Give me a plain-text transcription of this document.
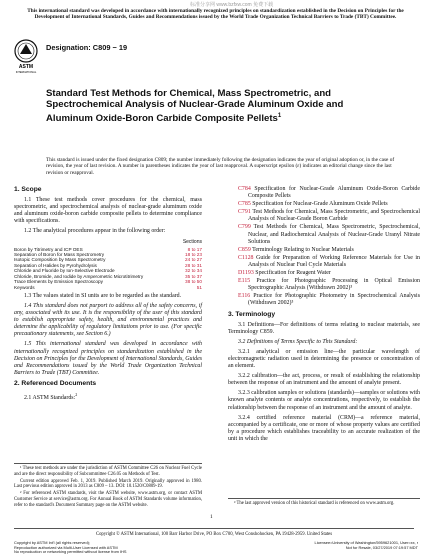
This international standard was developed in accordance with internationally recognized principles on standardization established in the Decision on Principles for the Development of International Standards, Guides and Recommendations issued by the World Trade Organization Technical Barriers to Trade (TBT) Committee.
标准分享网 www.bzfxw.com 免费下载
ASTM
INTERNATIONAL
Designation: C809 − 19
Standard Test Methods for Chemical, Mass Spectrometric, and Spectrochemical Analysis of Nuclear-Grade Aluminum Oxide and Aluminum Oxide-Boron Carbide Composite Pellets$^1$
This standard is issued under the fixed designation C809; the number immediately following the designation indicates the year of original adoption or, in the case of revision, the year of last revision. A number in parentheses indicates the year of last reapproval. A superscript epsilon (ε) indicates an editorial change since the last revision or reapproval.
1. Scope

1.1 These test methods cover procedures for the chemical, mass spectrometric, and spectrochemical analysis of nuclear-grade aluminum oxide and aluminum oxide-boron carbide composite pellets to determine compliance with specifications.

1.2 The analytical procedures appear in the following order:

Sections
Boron by Titrimetry and ICP OES	8 to 17
Separation of Boron for Mass Spectrometry	18 to 23
Isotopic Composition by Mass Spectrometry	24 to 27
Separation of Halides by Pyrohydrolysis	28 to 31
Chloride and Fluoride by Ion-Selective Electrode	32 to 34
Chloride, Bromide, and Iodide by Amperometric Microtitrimetry	35 to 37
Trace Elements by Emission Spectroscopy	38 to 50
Keywords	51

1.3 The values stated in SI units are to be regarded as the standard.

1.4 This standard does not purport to address all of the safety concerns, if any, associated with its use. It is the responsibility of the user of this standard to establish appropriate safety, health, and environmental practices and determine the applicability of regulatory limitations prior to use. (For specific precautionary statements, see Section 6.)

1.5 This international standard was developed in accordance with internationally recognized principles on standardization established in the Decision on Principles for the Development of International Standards, Guides and Recommendations issued by the World Trade Organization Technical Barriers to Trade (TBT) Committee.

2. Referenced Documents

2.1 ASTM Standards:$^2$

C784 Specification for Nuclear-Grade Aluminum Oxide-Boron Carbide Composite Pellets

C785 Specification for Nuclear-Grade Aluminum Oxide Pellets

C791 Test Methods for Chemical, Mass Spectrometric, and Spectrochemical Analysis of Nuclear-Grade Boron Carbide

C799 Test Methods for Chemical, Mass Spectrometric, Spectrochemical, Nuclear, and Radiochemical Analysis of Nuclear-Grade Uranyl Nitrate Solutions

C859 Terminology Relating to Nuclear Materials

C1128 Guide for Preparation of Working Reference Materials for Use in Analysis of Nuclear Fuel Cycle Materials

D1193 Specification for Reagent Water

E115 Practice for Photographic Processing in Optical Emission Spectrographic Analysis (Withdrawn 2002)³

E116 Practice for Photographic Photometry in Spectrochemical Analysis (Withdrawn 2002)³

3. Terminology

3.1 Definitions—For definitions of terms relating to nuclear materials, see Terminology C859.

3.2 Definitions of Terms Specific to This Standard:

3.2.1 analytical or emission line—the particular wavelength of electromagnetic radiation used in determining the presence or concentration of an element.

3.2.2 calibration—the act, process, or result of establishing the relationship between the response of an instrument and the amount of analyte present.

3.2.3 calibration samples or solutions (standards)—samples or solutions with known analyte contents or analyte concentrations, respectively, to establish the relationship between the response of an instrument and the amount of analyte.

3.2.4 certified reference material (CRM)—a reference material, accompanied by a certificate, one or more of whose property values are certified by a procedure which establishes traceability to an accurate realization of the unit in which the

¹ These test methods are under the jurisdiction of ASTM Committee C26 on Nuclear Fuel Cycle and are the direct responsibility of Subcommittee C26.05 on Methods of Test.

Current edition approved Feb. 1, 2019. Published March 2019. Originally approved in 1980. Last previous edition approved in 2013 as C809 – 13. DOI: 10.1520/C0809-19.

² For referenced ASTM standards, visit the ASTM website, www.astm.org, or contact ASTM Customer Service at service@astm.org. For Annual Book of ASTM Standards volume information, refer to the standard's Document Summary page on the ASTM website.	³ The last approved version of this historical standard is referenced on www.astm.org.

1
Copyright © ASTM International, 100 Barr Harbor Drive, PO Box C700, West Conshohocken, PA 19428-2959. United States
Copyright by ASTM Int'l (all rights reserved);
Reproduction authorized via Multi-User Licensed with ASTM
No reproduction or networking permitted without license from IHS
Licensee=University of Washington/5959621001, User=xx, r
Not for Resale, 03/27/2019 07:19:57 MDT
